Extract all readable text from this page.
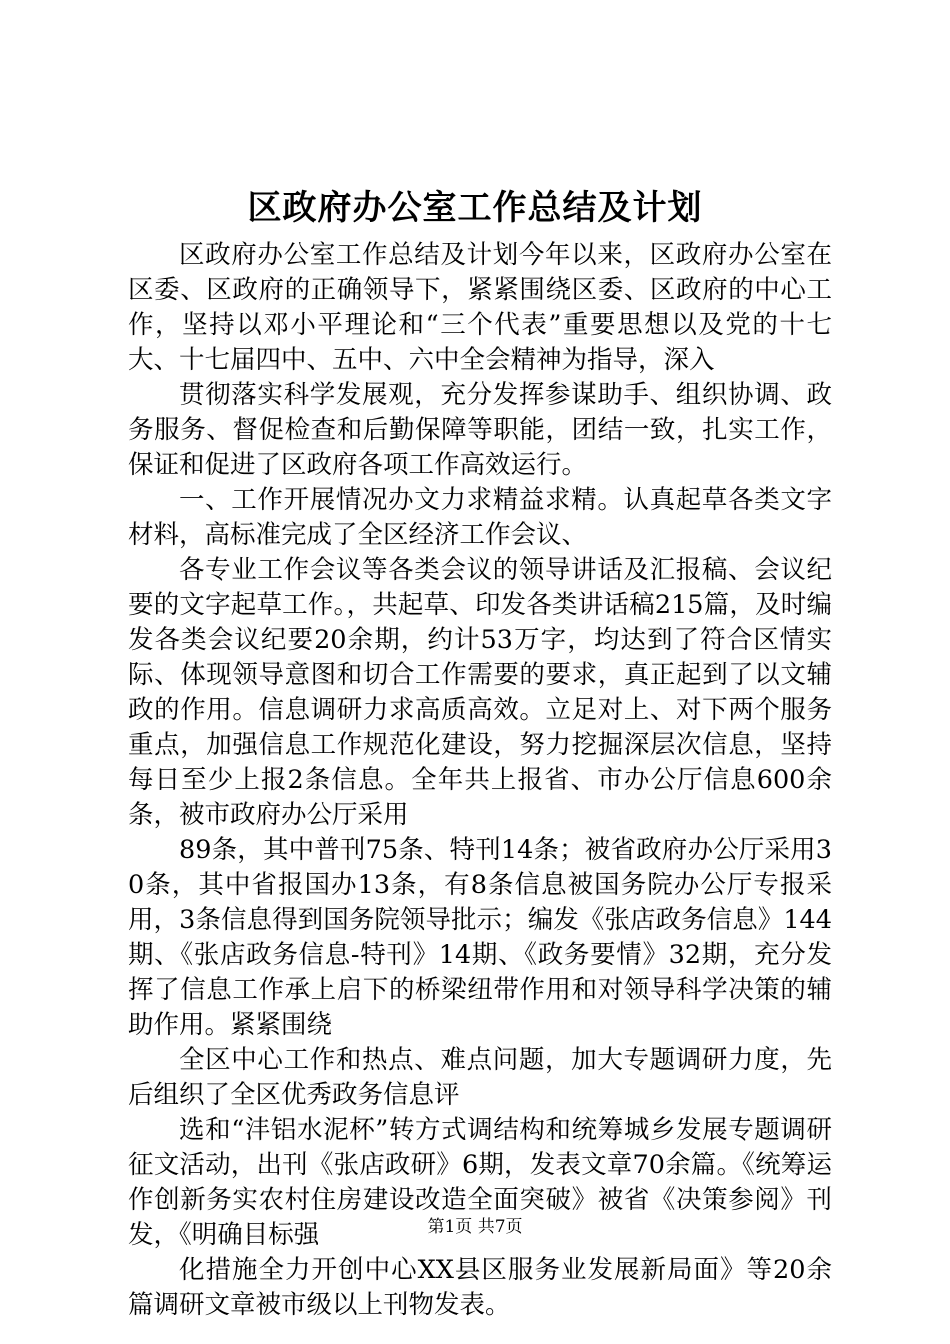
区政府办公室工作总结及计划

区政府办公室工作总结及计划今年以来，区政府办公室在区委、区政府的正确领导下，紧紧围绕区委、区政府的中心工作，坚持以邓小平理论和“三个代表”重要思想以及党的十七大、十七届四中、五中、六中全会精神为指导，深入

贯彻落实科学发展观，充分发挥参谋助手、组织协调、政务服务、督促检查和后勤保障等职能，团结一致，扎实工作，保证和促进了区政府各项工作高效运行。

一、工作开展情况办文力求精益求精。认真起草各类文字材料，高标准完成了全区经济工作会议、

各专业工作会议等各类会议的领导讲话及汇报稿、会议纪要的文字起草工作。，共起草、印发各类讲话稿215篇，及时编发各类会议纪要20余期，约计53万字，均达到了符合区情实际、体现领导意图和切合工作需要的要求，真正起到了以文辅政的作用。信息调研力求高质高效。立足对上、对下两个服务重点，加强信息工作规范化建设，努力挖掘深层次信息，坚持每日至少上报2条信息。全年共上报省、市办公厅信息600余条，被市政府办公厅采用

89条，其中普刊75条、特刊14条；被省政府办公厅采用30条，其中省报国办13条，有8条信息被国务院办公厅专报采用，3条信息得到国务院领导批示；编发《张店政务信息》144期、《张店政务信息-特刊》14期、《政务要情》32期，充分发挥了信息工作承上启下的桥梁纽带作用和对领导科学决策的辅助作用。紧紧围绕

全区中心工作和热点、难点问题，加大专题调研力度，先后组织了全区优秀政务信息评

选和“沣铝水泥杯”转方式调结构和统筹城乡发展专题调研征文活动，出刊《张店政研》6期，发表文章70余篇。《统筹运作创新务实农村住房建设改造全面突破》被省《决策参阅》刊发，《明确目标强

化措施全力开创中心XX县区服务业发展新局面》等20余篇调研文章被市级以上刊物发表。

第1页 共7页
